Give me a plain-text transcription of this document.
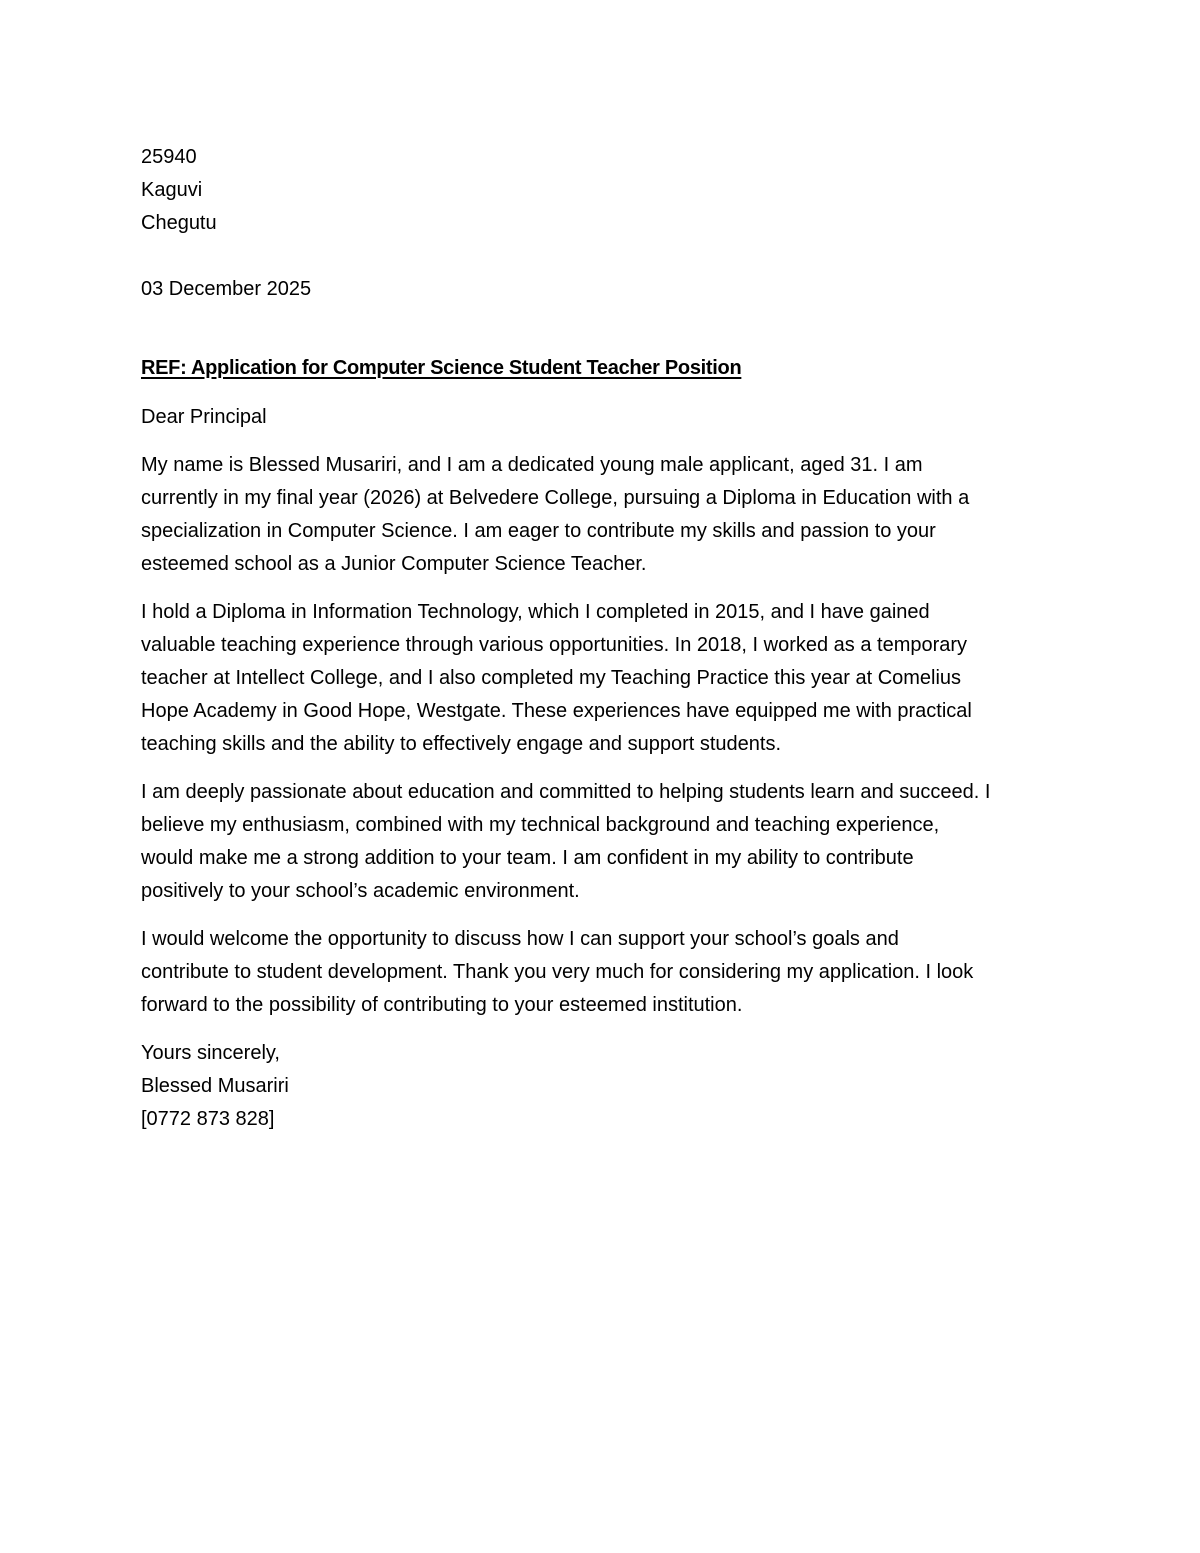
25940
Kaguvi
Chegutu
03 December 2025
REF: Application for Computer Science Student Teacher Position
Dear Principal
My name is Blessed Musariri, and I am a dedicated young male applicant, aged 31. I am
currently in my final year (2026) at Belvedere College, pursuing a Diploma in Education with a
specialization in Computer Science. I am eager to contribute my skills and passion to your
esteemed school as a Junior Computer Science Teacher.
I hold a Diploma in Information Technology, which I completed in 2015, and I have gained
valuable teaching experience through various opportunities. In 2018, I worked as a temporary
teacher at Intellect College, and I also completed my Teaching Practice this year at Comelius
Hope Academy in Good Hope, Westgate. These experiences have equipped me with practical
teaching skills and the ability to effectively engage and support students.
I am deeply passionate about education and committed to helping students learn and succeed. I
believe my enthusiasm, combined with my technical background and teaching experience,
would make me a strong addition to your team. I am confident in my ability to contribute
positively to your school’s academic environment.
I would welcome the opportunity to discuss how I can support your school’s goals and
contribute to student development. Thank you very much for considering my application. I look
forward to the possibility of contributing to your esteemed institution.
Yours sincerely,
Blessed Musariri
[0772 873 828]
